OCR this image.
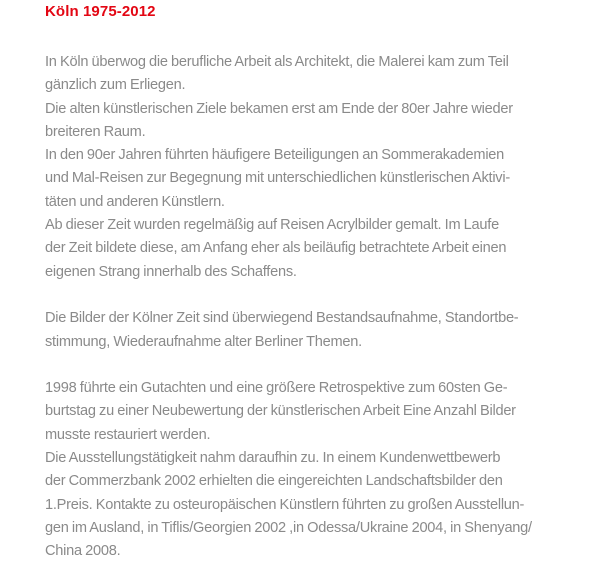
Köln 1975-2012

In Köln überwog die berufliche Arbeit als Architekt, die Malerei kam zum Teil

gänzlich zum Erliegen.

Die alten künstlerischen Ziele bekamen erst am Ende der 80er Jahre wieder

breiteren Raum.

In den 90er Jahren führten häufigere Beteiligungen an Sommerakademien

und Mal-Reisen zur Begegnung mit unterschiedlichen künstlerischen Aktivi-

täten und anderen Künstlern.

Ab dieser Zeit wurden regelmäßig auf Reisen Acrylbilder gemalt. Im Laufe

der Zeit bildete diese, am Anfang eher als beiläufig betrachtete Arbeit einen

eigenen Strang innerhalb des Schaffens.

Die Bilder der Kölner Zeit sind überwiegend Bestandsaufnahme, Standortbe-

stimmung, Wiederaufnahme alter Berliner Themen.

1998 führte ein Gutachten und eine größere Retrospektive zum 60sten Ge-

burtstag zu einer Neubewertung der künstlerischen Arbeit Eine Anzahl Bilder

musste restauriert werden.

Die Ausstellungstätigkeit nahm daraufhin zu. In einem Kundenwettbewerb

der Commerzbank 2002 erhielten die eingereichten Landschaftsbilder den

1.Preis. Kontakte zu osteuropäischen Künstlern führten zu großen Ausstellun-

gen im Ausland, in Tiflis/Georgien 2002 ,in Odessa/Ukraine 2004, in Shenyang/

China 2008.
